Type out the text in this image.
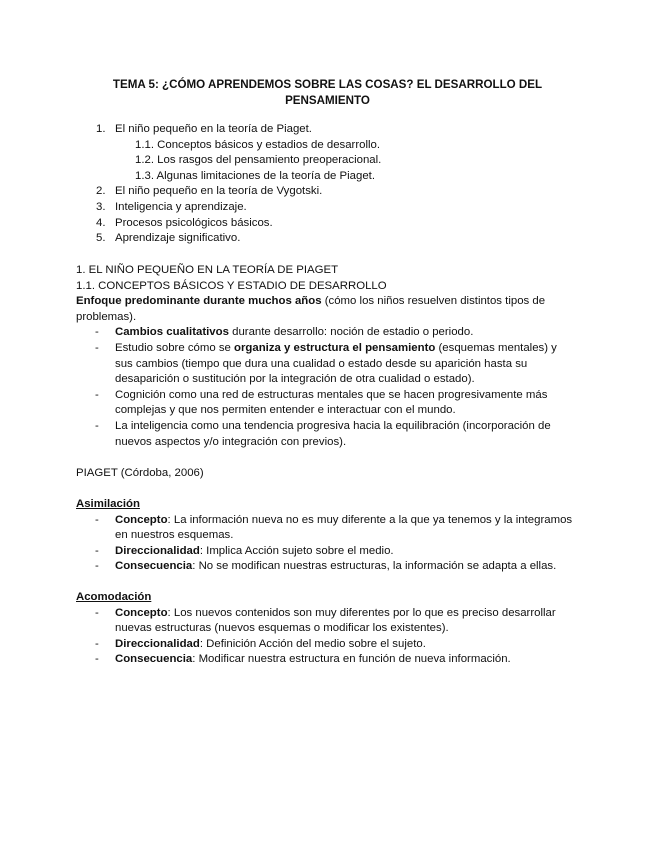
TEMA 5: ¿CÓMO APRENDEMOS SOBRE LAS COSAS? EL DESARROLLO DEL
PENSAMIENTO
1. El niño pequeño en la teoría de Piaget.
1.1. Conceptos básicos y estadios de desarrollo.
1.2. Los rasgos del pensamiento preoperacional.
1.3. Algunas limitaciones de la teoría de Piaget.
2. El niño pequeño en la teoría de Vygotski.
3. Inteligencia y aprendizaje.
4. Procesos psicológicos básicos.
5. Aprendizaje significativo.
1. EL NIÑO PEQUEÑO EN LA TEORÍA DE PIAGET
1.1. CONCEPTOS BÁSICOS Y ESTADIO DE DESARROLLO

Enfoque predominante durante muchos años (cómo los niños resuelven distintos tipos de problemas).

- Cambios cualitativos durante desarrollo: noción de estadio o periodo.
- Estudio sobre cómo se organiza y estructura el pensamiento (esquemas mentales) y sus cambios (tiempo que dura una cualidad o estado desde su aparición hasta su desaparición o sustitución por la integración de otra cualidad o estado).
- Cognición como una red de estructuras mentales que se hacen progresivamente más complejas y que nos permiten entender e interactuar con el mundo.
- La inteligencia como una tendencia progresiva hacia la equilibración (incorporación de nuevos aspectos y/o integración con previos).
PIAGET (Córdoba, 2006)
Asimilación
- Concepto: La información nueva no es muy diferente a la que ya tenemos y la integramos en nuestros esquemas.
- Direccionalidad: Implica Acción sujeto sobre el medio.
- Consecuencia: No se modifican nuestras estructuras, la información se adapta a ellas.
Acomodación
- Concepto: Los nuevos contenidos son muy diferentes por lo que es preciso desarrollar nuevas estructuras (nuevos esquemas o modificar los existentes).
- Direccionalidad: Definición Acción del medio sobre el sujeto.
- Consecuencia: Modificar nuestra estructura en función de nueva información.
